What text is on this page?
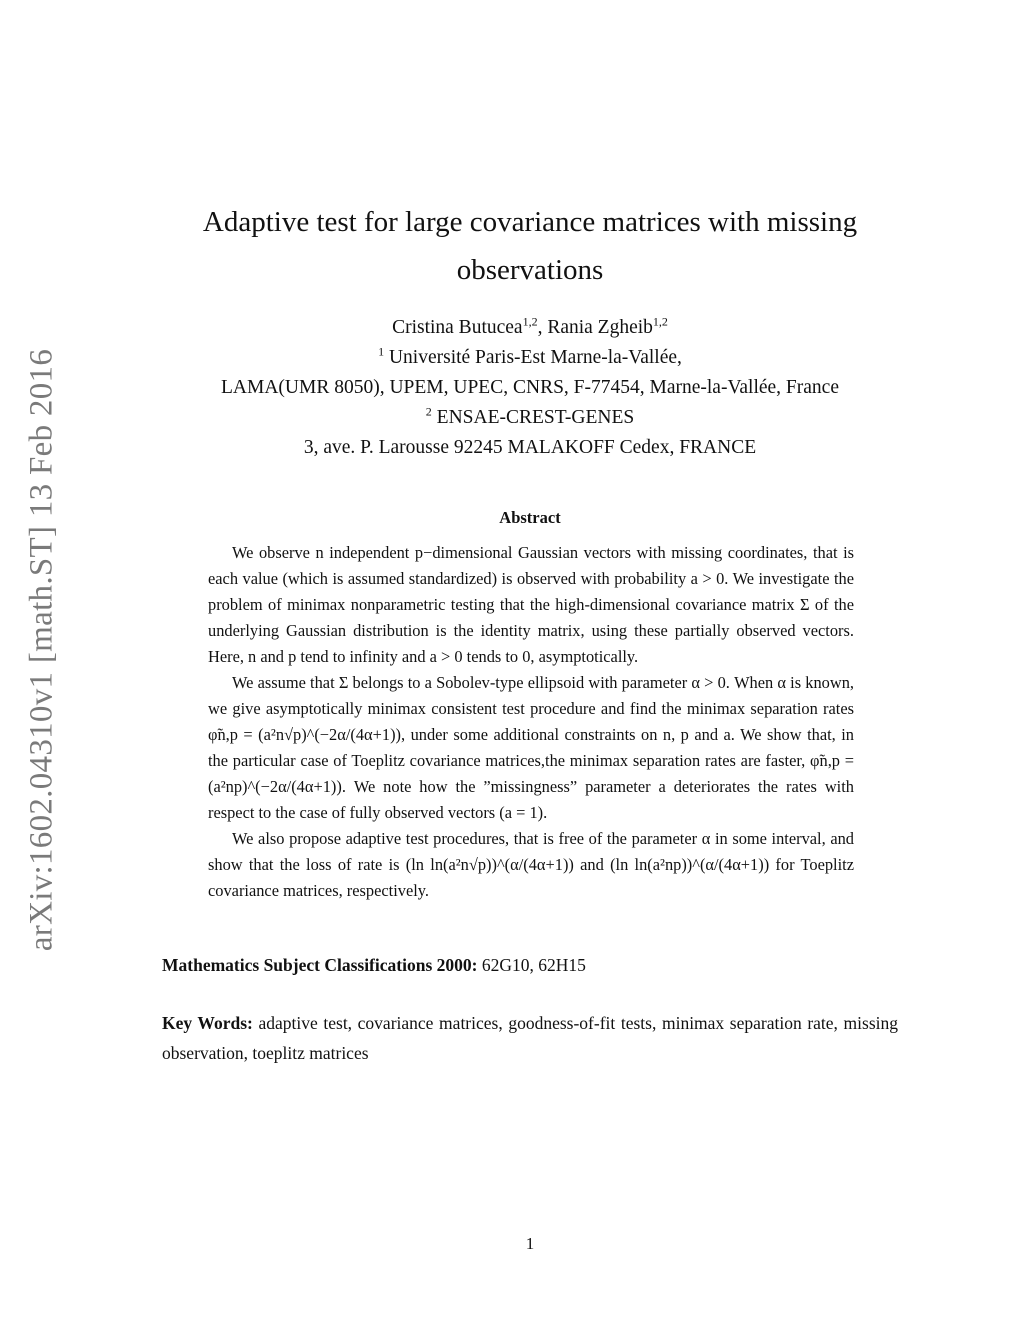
arXiv:1602.04310v1 [math.ST] 13 Feb 2016
Adaptive test for large covariance matrices with missing observations
Cristina Butucea$^{1,2}$, Rania Zgheib$^{1,2}$
$^1$ Université Paris-Est Marne-la-Vallée,
LAMA(UMR 8050), UPEM, UPEC, CNRS, F-77454, Marne-la-Vallée, France
$^2$ ENSAE-CREST-GENES
3, ave. P. Larousse 92245 MALAKOFF Cedex, FRANCE
Abstract

We observe n independent p−dimensional Gaussian vectors with missing coordinates, that is each value (which is assumed standardized) is observed with probability a > 0. We investigate the problem of minimax nonparametric testing that the high-dimensional covariance matrix Σ of the underlying Gaussian distribution is the identity matrix, using these partially observed vectors. Here, n and p tend to infinity and a > 0 tends to 0, asymptotically.

We assume that Σ belongs to a Sobolev-type ellipsoid with parameter α > 0. When α is known, we give asymptotically minimax consistent test procedure and find the minimax separation rates φ̃n,p = (a²n√p)^(−2α/(4α+1)), under some additional constraints on n, p and a. We show that, in the particular case of Toeplitz covariance matrices,the minimax separation rates are faster, φ̃n,p = (a²np)^(−2α/(4α+1)). We note how the ”missingness” parameter a deteriorates the rates with respect to the case of fully observed vectors (a = 1).

We also propose adaptive test procedures, that is free of the parameter α in some interval, and show that the loss of rate is (ln ln(a²n√p))^(α/(4α+1)) and (ln ln(a²np))^(α/(4α+1)) for Toeplitz covariance matrices, respectively.

Mathematics Subject Classifications 2000: 62G10, 62H15
Key Words: adaptive test, covariance matrices, goodness-of-fit tests, minimax separation rate, missing observation, toeplitz matrices
1
